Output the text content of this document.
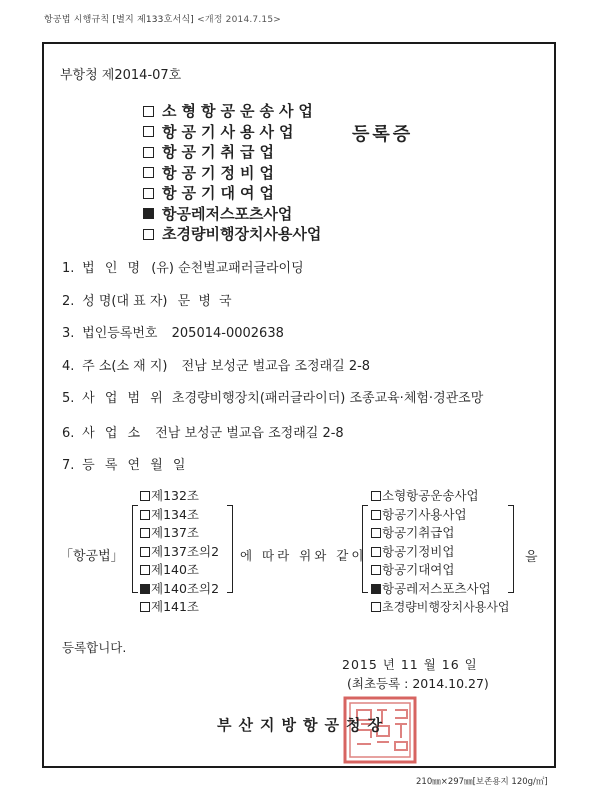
항공법 시행규칙 [별지 제133호서식] <개정 2014.7.15>
부항청 제2014-07호
소형항공운송사업
항공기사용사업
항공기취급업
항공기정비업
항공기대여업
항공레저스포츠사업
초경량비행장치사용사업
등록증
1. 법 인 명 (유) 순천벌교패러글라이딩
2. 성 명(대 표 자) 문 병 국
3. 법인등록번호 205014-0002638
4. 주 소(소 재 지) 전남 보성군 벌교읍 조정래길 2-8
5. 사 업 범 위 초경량비행장치(패러글라이더) 조종교육·체험·경관조망
6. 사 업 소 전남 보성군 벌교읍 조정래길 2-8
7. 등 록 연 월 일
「항공법」
제132조
제134조
제137조
제137조의2
제140조
제140조의2
제141조
에 따라 위와 같이
소형항공운송사업
항공기사용사업
항공기취급업
항공기정비업
항공기대여업
항공레저스포츠사업
초경량비행장치사용사업
을
등록합니다.
2015 년 11 월 16 일
(최초등록 : 2014.10.27)
부산지방항공청장
210㎜×297㎜[보존용지 120g/㎡]
